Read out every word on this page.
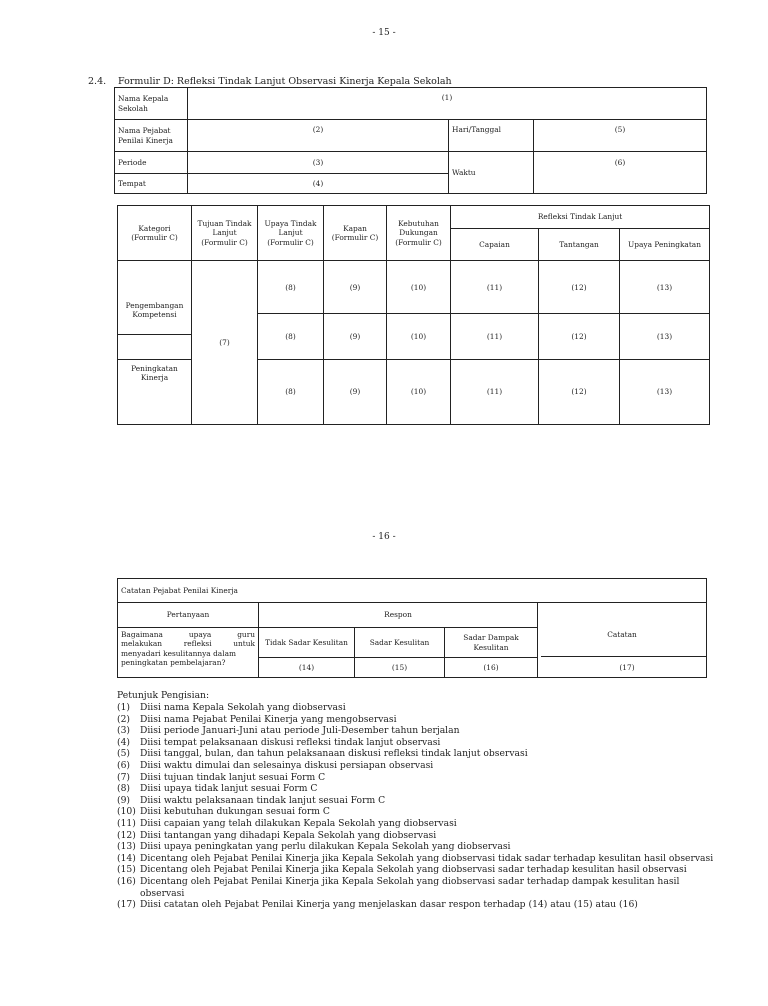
- 15 -
2.4. Formulir D: Refleksi Tindak Lanjut Observasi Kinerja Kepala Sekolah
Nama Kepala Sekolah	(1)		
Nama Pejabat Penilai Kinerja	(2)	Hari/Tanggal	(5)
Periode	(3)	Waktu	(6)
Tempat	(4)		
Kategori (Formulir C)	Tujuan Tindak Lanjut (Formulir C)	Upaya Tindak Lanjut (Formulir C)	Kapan (Formulir C)	Kebutuhan Dukungan (Formulir C)	Refleksi Tindak Lanjut		
					Capaian	Tantangan	Upaya Peningkatan
Pengembangan Kompetensi	(7)	(8)	(9)	(10)	(11)	(12)	(13)
		(8)	(9)	(10)	(11)	(12)	(13)
Peningkatan Kinerja		(8)	(9)	(10)	(11)	(12)	(13)
- 16 -
Catatan Pejabat Penilai Kinerja				
Pertanyaan	Respon			Catatan

Bagaimana upaya guru
melakukan refleksi untuk
menyadari kesulitannya dalam
peningkatan pembelajaran?	Tidak Sadar Kesulitan	Sadar Kesulitan	Sadar Dampak Kesulitan	
	(14)	(15)	(16)		(17)
Petunjuk Pengisian:
(1)	Diisi nama Kepala Sekolah yang diobservasi
(2)	Diisi nama Pejabat Penilai Kinerja yang mengobservasi
(3)	Diisi periode Januari-Juni atau periode Juli-Desember tahun berjalan
(4)	Diisi tempat pelaksanaan diskusi refleksi tindak lanjut observasi
(5)	Diisi tanggal, bulan, dan tahun pelaksanaan diskusi refleksi tindak lanjut observasi
(6)	Diisi waktu dimulai dan selesainya diskusi persiapan observasi
(7)	Diisi tujuan tindak lanjut sesuai Form C
(8)	Diisi upaya tidak lanjut sesuai Form C
(9)	Diisi waktu pelaksanaan tindak lanjut sesuai Form C
(10) Diisi kebutuhan dukungan sesuai form C
(11) Diisi capaian yang telah dilakukan Kepala Sekolah yang diobservasi
(12) Diisi tantangan yang dihadapi Kepala Sekolah yang diobservasi
(13) Diisi upaya peningkatan yang perlu dilakukan Kepala Sekolah yang diobservasi
(14) Dicentang oleh Pejabat Penilai Kinerja jika Kepala Sekolah yang diobservasi tidak sadar terhadap kesulitan hasil observasi
(15) Dicentang oleh Pejabat Penilai Kinerja jika Kepala Sekolah yang diobservasi sadar terhadap kesulitan hasil observasi
(16) Dicentang oleh Pejabat Penilai Kinerja jika Kepala Sekolah yang diobservasi sadar terhadap dampak kesulitan hasil observasi
(17) Diisi catatan oleh Pejabat Penilai Kinerja yang menjelaskan dasar respon terhadap (14) atau (15) atau (16)
